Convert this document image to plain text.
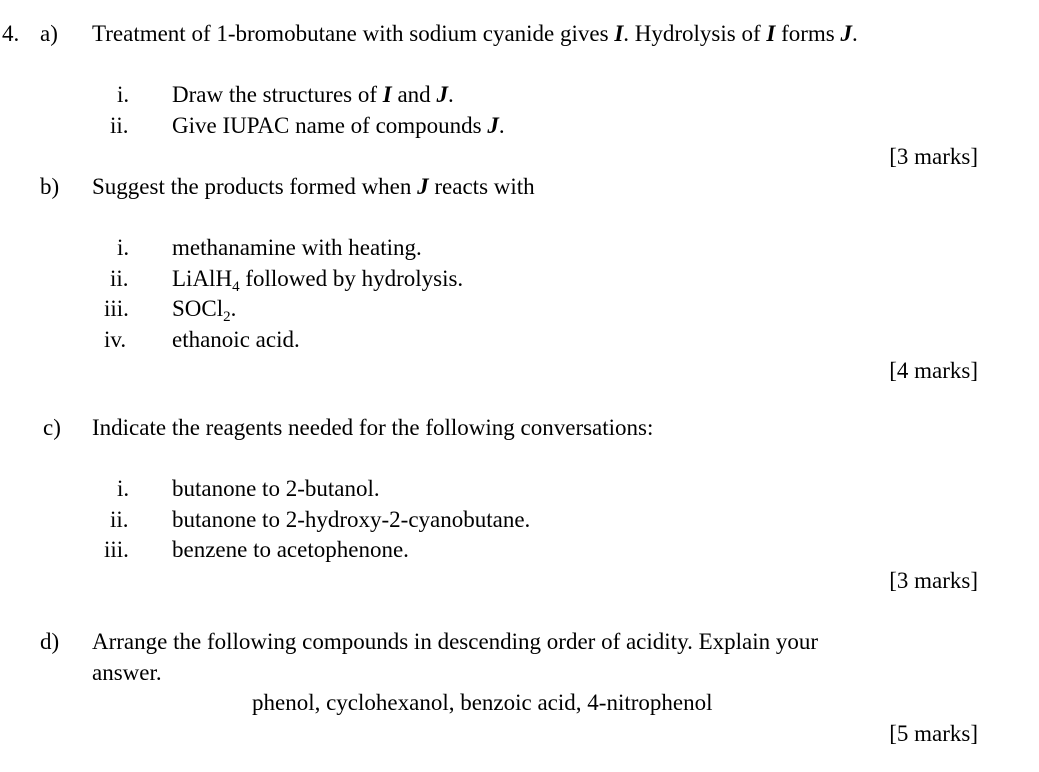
4. a) Treatment of 1-bromobutane with sodium cyanide gives I. Hydrolysis of I forms J.
i. Draw the structures of I and J.
ii. Give IUPAC name of compounds J.
[3 marks]
b) Suggest the products formed when J reacts with
i. methanamine with heating.
ii. LiAlH$_4$ followed by hydrolysis.
iii. SOCl$_2$.
iv. ethanoic acid.
[4 marks]
c) Indicate the reagents needed for the following conversations:
i. butanone to 2-butanol.
ii. butanone to 2-hydroxy-2-cyanobutane.
iii. benzene to acetophenone.
[3 marks]
d) Arrange the following compounds in descending order of acidity. Explain your
answer.
phenol, cyclohexanol, benzoic acid, 4-nitrophenol
[5 marks]
